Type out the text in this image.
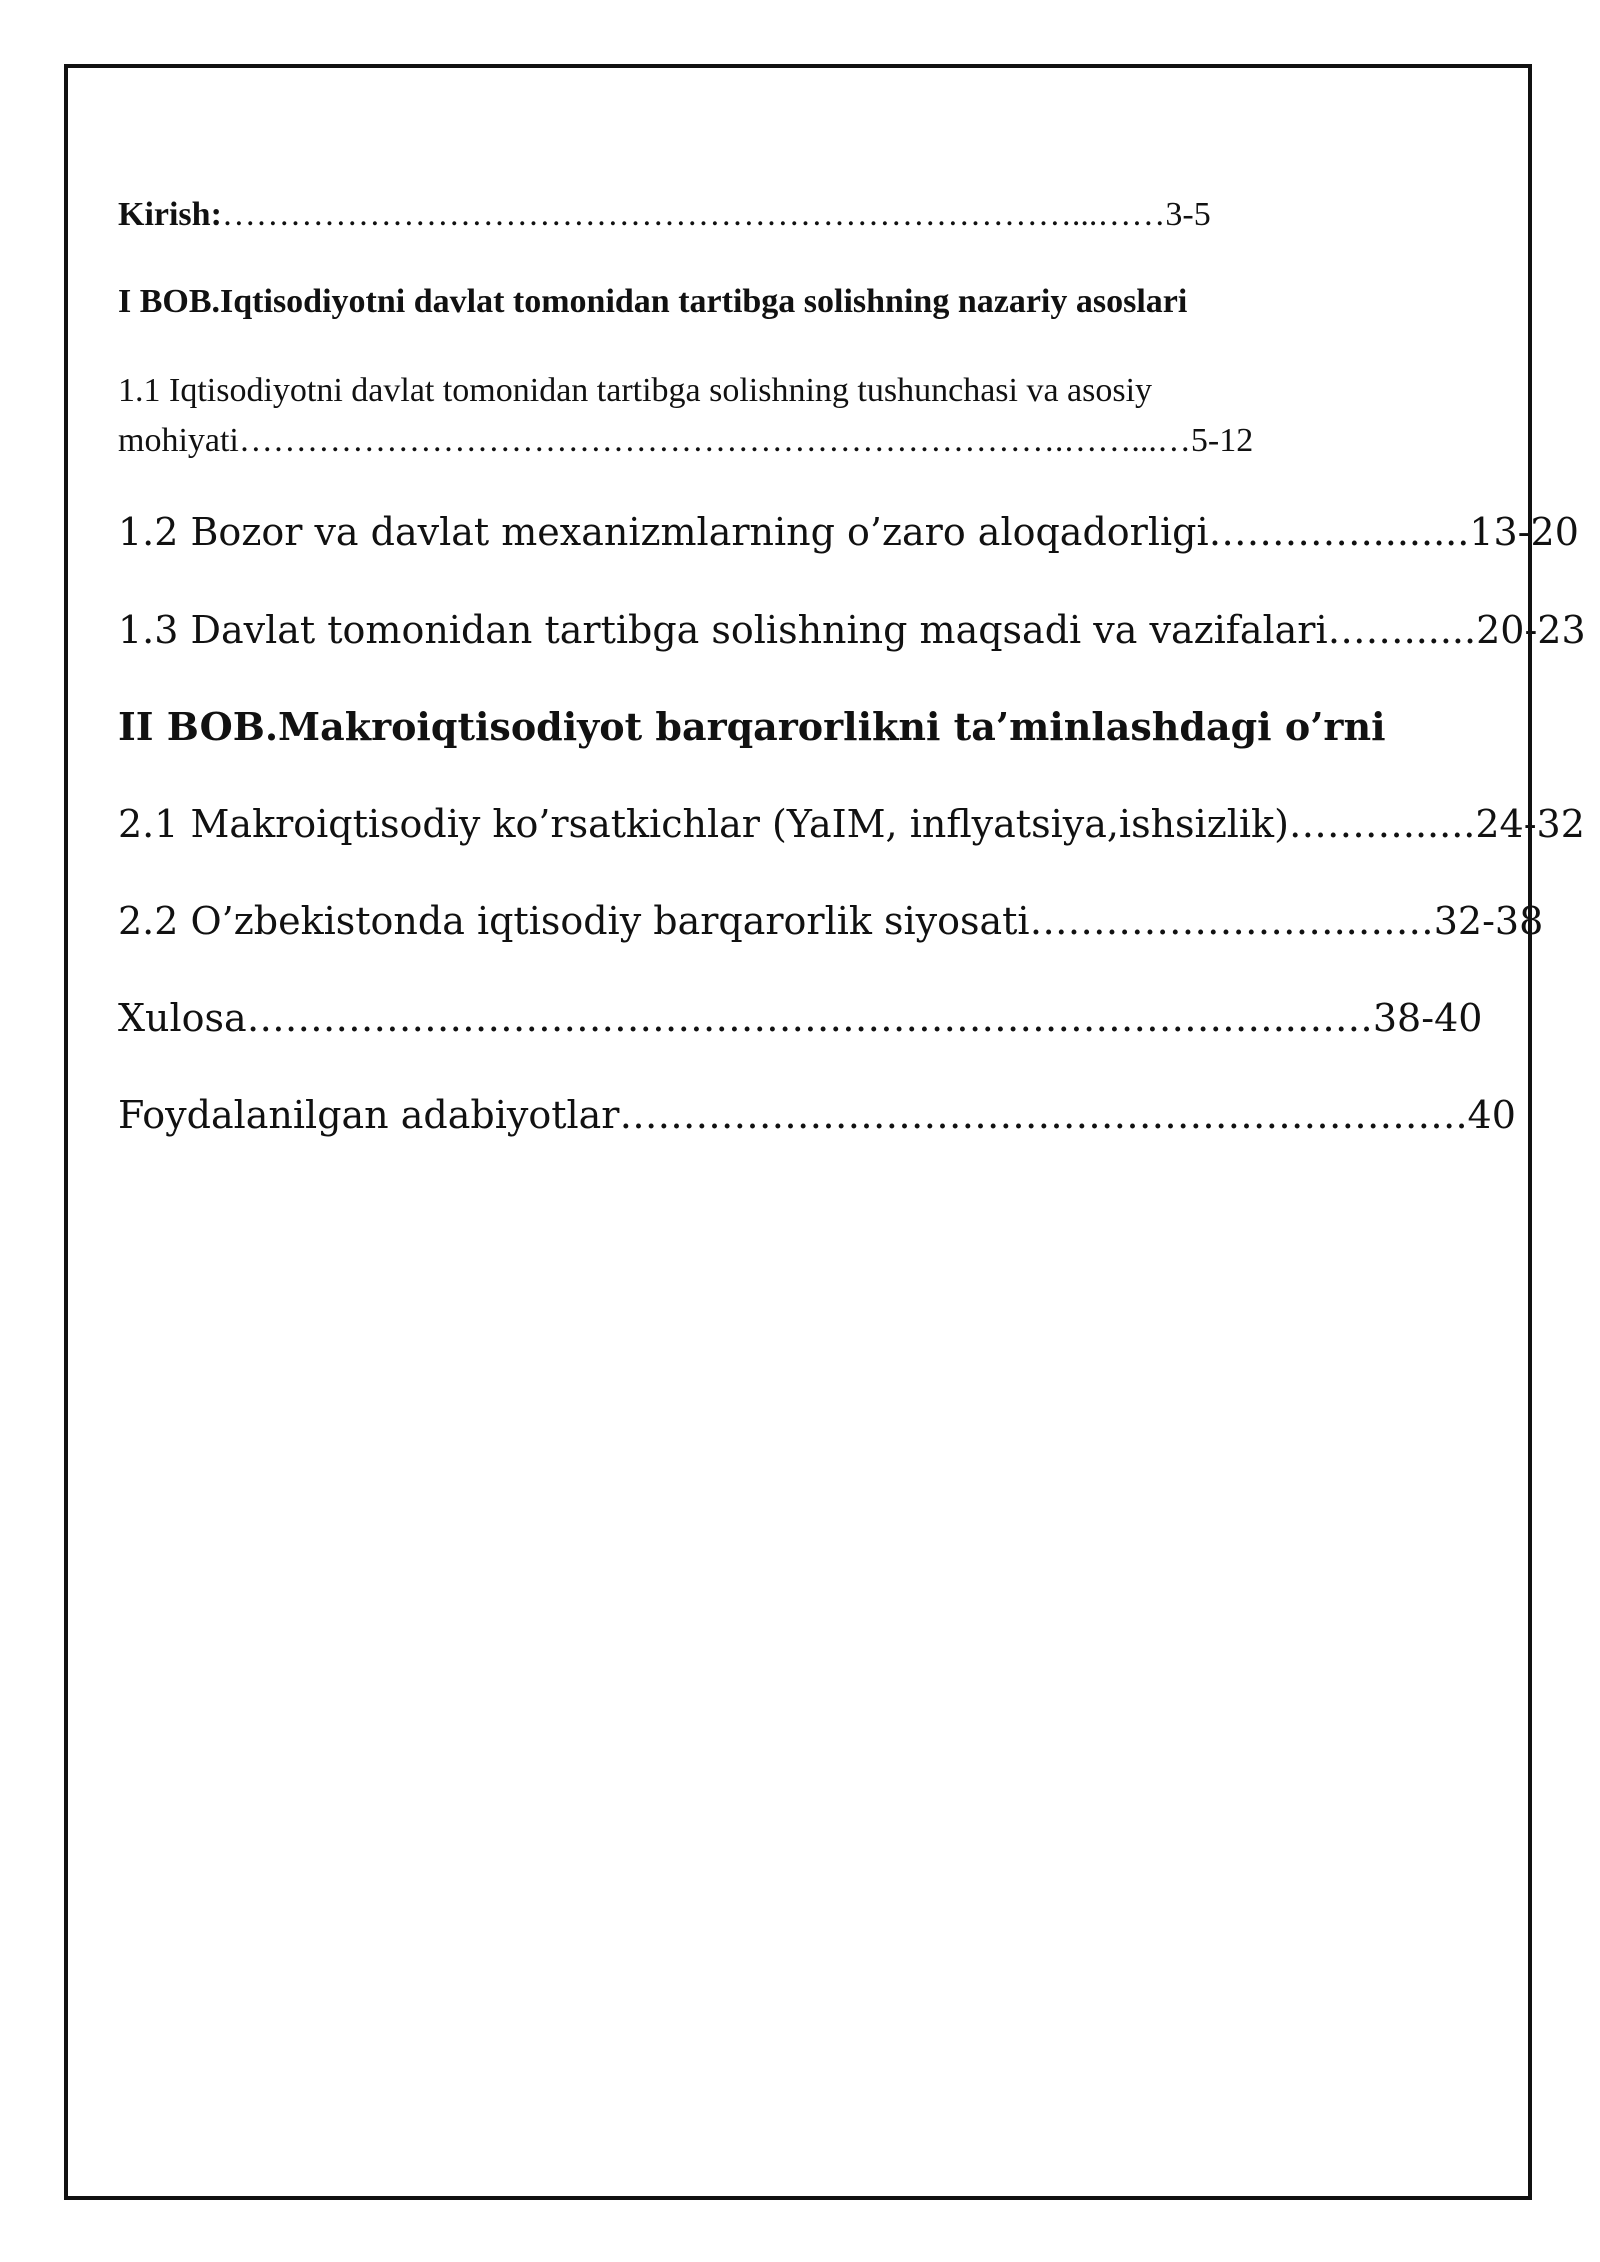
Kirish:…………………………………………………………………...……3-5

I BOB.Iqtisodiyotni davlat tomonidan tartibga solishning nazariy asoslari

1.1 Iqtisodiyotni davlat tomonidan tartibga solishning tushunchasi va asosiy

mohiyati……………………………………………………………….……...…5-12

1.2 Bozor va davlat mexanizmlarning o’zaro aloqadorligi………….........13-20

1.3 Davlat tomonidan tartibga solishning maqsadi va vazifalari……......20-23

II BOB.Makroiqtisodiyot barqarorlikni ta’minlashdagi o’rni

2.1 Makroiqtisodiy ko’rsatkichlar (YaIM, inflyatsiya,ishsizlik)………......24-32

2.2 O’zbekistonda iqtisodiy barqarorlik siyosati……………………..……32-38

Xulosa………………………………………………………………………..……38-40

Foydalanilgan adabiyotlar………………………………………………………….40
